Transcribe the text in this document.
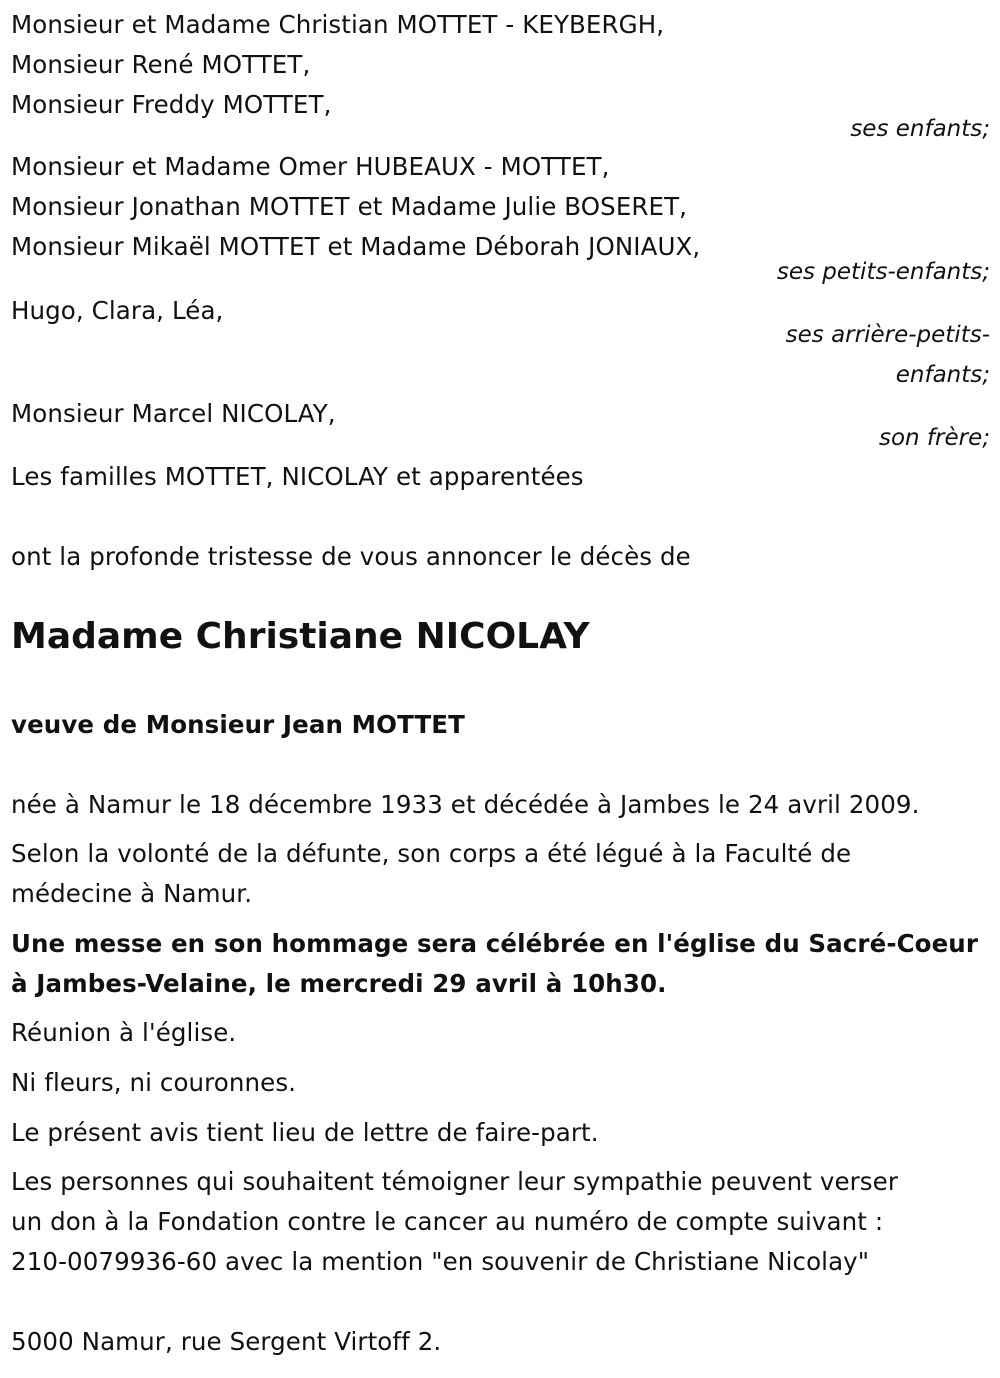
Monsieur et Madame Christian MOTTET - KEYBERGH,
Monsieur René MOTTET,
Monsieur Freddy MOTTET,
ses enfants;
Monsieur et Madame Omer HUBEAUX - MOTTET,
Monsieur Jonathan MOTTET et Madame Julie BOSERET,
Monsieur Mikaël MOTTET et Madame Déborah JONIAUX,
ses petits-enfants;
Hugo, Clara, Léa,
ses arrière-petits-
enfants;
Monsieur Marcel NICOLAY,
son frère;
Les familles MOTTET, NICOLAY et apparentées
ont la profonde tristesse de vous annoncer le décès de
Madame Christiane NICOLAY
veuve de Monsieur Jean MOTTET
née à Namur le 18 décembre 1933 et décédée à Jambes le 24 avril 2009.
Selon la volonté de la défunte, son corps a été légué à la Faculté de
médecine à Namur.
Une messe en son hommage sera célébrée en l'église du Sacré-Coeur
à Jambes-Velaine, le mercredi 29 avril à 10h30.
Réunion à l'église.
Ni fleurs, ni couronnes.
Le présent avis tient lieu de lettre de faire-part.
Les personnes qui souhaitent témoigner leur sympathie peuvent verser
un don à la Fondation contre le cancer au numéro de compte suivant :
210-0079936-60 avec la mention "en souvenir de Christiane Nicolay"
5000 Namur, rue Sergent Virtoff 2.
